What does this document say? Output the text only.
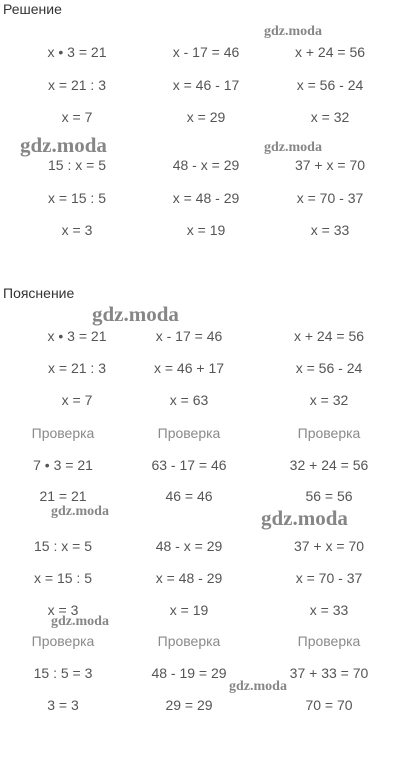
Решение
Пояснение
x • 3 = 21	x - 17 = 46	x + 24 = 56
x = 21 : 3	x = 46 - 17	x = 56 - 24
x = 7	x = 29	x = 32
15 : x = 5	48 - x = 29	37 + x = 70
x = 15 : 5	x = 48 - 29	x = 70 - 37
x = 3	x = 19	x = 33
x • 3 = 21	x - 17 = 46	x + 24 = 56
x = 21 : 3	x = 46 + 17	x = 56 - 24
x = 7	x = 63	x = 32
Проверка	Проверка	Проверка
7 • 3 = 21	63 - 17 = 46	32 + 24 = 56
21 = 21	46 = 46	56 = 56
15 : x = 5	48 - x = 29	37 + x = 70
x = 15 : 5	x = 48 - 29	x = 70 - 37
x = 3	x = 19	x = 33
Проверка	Проверка	Проверка
15 : 5 = 3	48 - 19 = 29	37 + 33 = 70
3 = 3	29 = 29	70 = 70
gdz.moda
gdz.moda	gdz.moda
gdz.moda
gdz.moda	gdz.moda
gdz.moda
gdz.moda
